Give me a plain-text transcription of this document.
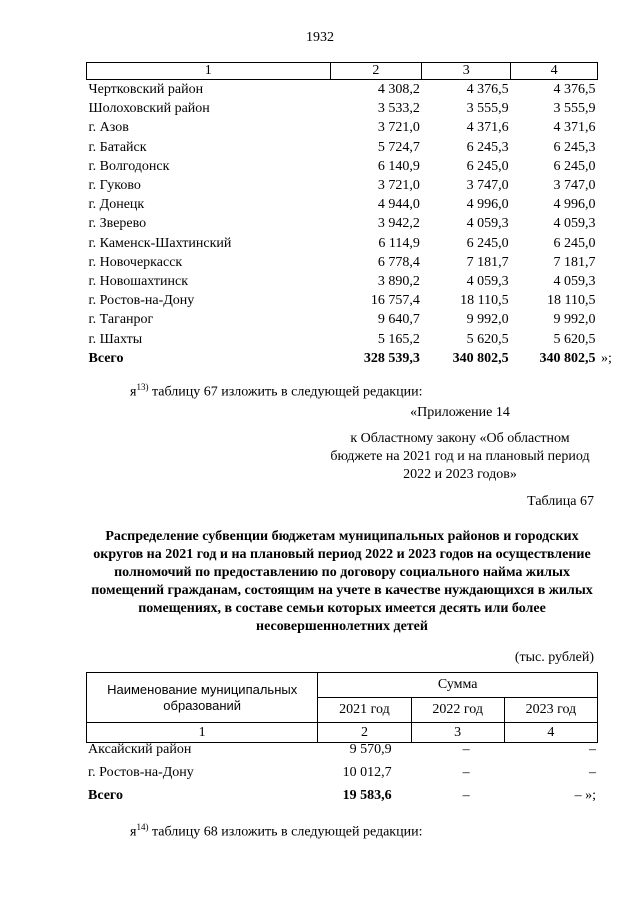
1932
1	2	3	4
Чертковский район	4 308,2	4 376,5	4 376,5
Шолоховский район	3 533,2	3 555,9	3 555,9
г. Азов	3 721,0	4 371,6	4 371,6
г. Батайск	5 724,7	6 245,3	6 245,3
г. Волгодонск	6 140,9	6 245,0	6 245,0
г. Гуково	3 721,0	3 747,0	3 747,0
г. Донецк	4 944,0	4 996,0	4 996,0
г. Зверево	3 942,2	4 059,3	4 059,3
г. Каменск-Шахтинский	6 114,9	6 245,0	6 245,0
г. Новочеркасск	6 778,4	7 181,7	7 181,7
г. Новошахтинск	3 890,2	4 059,3	4 059,3
г. Ростов-на-Дону	16 757,4	18 110,5	18 110,5
г. Таганрог	9 640,7	9 992,0	9 992,0
г. Шахты	5 165,2	5 620,5	5 620,5
Всего	328 539,3	340 802,5	340 802,5 »;
$я^{13)}$ таблицу 67 изложить в следующей редакции:
«Приложение 14
к Областному закону «Об областном бюджете на 2021 год и на плановый период 2022 и 2023 годов»
Таблица 67
Распределение субвенции бюджетам муниципальных районов и городских округов на 2021 год и на плановый период 2022 и 2023 годов на осуществление полномочий по предоставлению по договору социального найма жилых помещений гражданам, состоящим на учете в качестве нуждающихся в жилых помещениях, в составе семьи которых имеется десять или более несовершеннолетних детей
(тыс. рублей)
Наименование муниципальных образований	Сумма		
	2021 год	2022 год	2023 год
1	2	3	4
Аксайский район	9 570,9	–	–
г. Ростов-на-Дону	10 012,7	–	–
Всего	19 583,6	–	– »;
$я^{14)}$ таблицу 68 изложить в следующей редакции:
